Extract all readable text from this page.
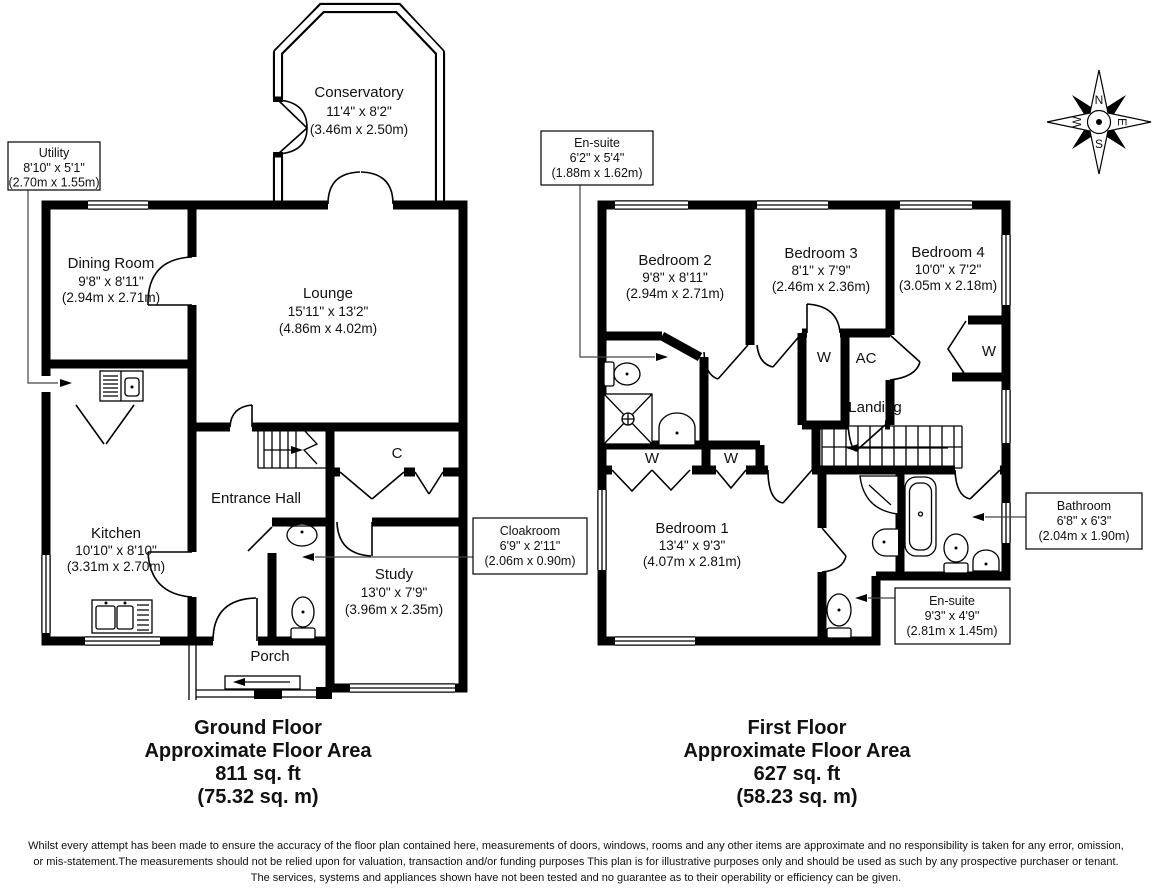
Conservatory
11'4" x 8'2"
(3.46m x 2.50m)
Dining Room
9'8" x 8'11"
(2.94m x 2.71m)	Lounge
15'11" x 13'2"
(4.86m x 4.02m)
Kitchen
10'10" x 8'10"
(3.31m x 2.70m)
Entrance Hall
Study
13'0" x 7'9"
(3.96m x 2.35m)
Porch
C
Utility
8'10" x 5'1"
(2.70m x 1.55m)
Cloakroom
6'9" x 2'11"
(2.06m x 0.90m)
Ground Floor
Approximate Floor Area
811 sq. ft
(75.32 sq. m)
Bedroom 2
9'8" x 8'11"
(2.94m x 2.71m)
Bedroom 3
8'1" x 7'9"
(2.46m x 2.36m)
Bedroom 4
10'0" x 7'2"
(3.05m x 2.18m)
Bedroom 1
13'4" x 9'3"
(4.07m x 2.81m)
Landing
W	W
W AC	W
En-suite
6'2" x 5'4"
(1.88m x 1.62m)
Bathroom
6'8" x 6'3"
(2.04m x 1.90m)
En-suite
9'3" x 4'9"
(2.81m x 1.45m)
First Floor
Approximate Floor Area
627 sq. ft
(58.23 sq. m)
N
S
E
W
Whilst every attempt has been made to ensure the accuracy of the floor plan contained here, measurements of doors, windows, rooms and any other items are approximate and no responsibility is taken for any error, omission,
or mis-statement.The measurements should not be relied upon for valuation, transaction and/or funding purposes This plan is for illustrative purposes only and should be used as such by any prospective purchaser or tenant.
The services, systems and appliances shown have not been tested and no guarantee as to their operability or efficiency can be given.
